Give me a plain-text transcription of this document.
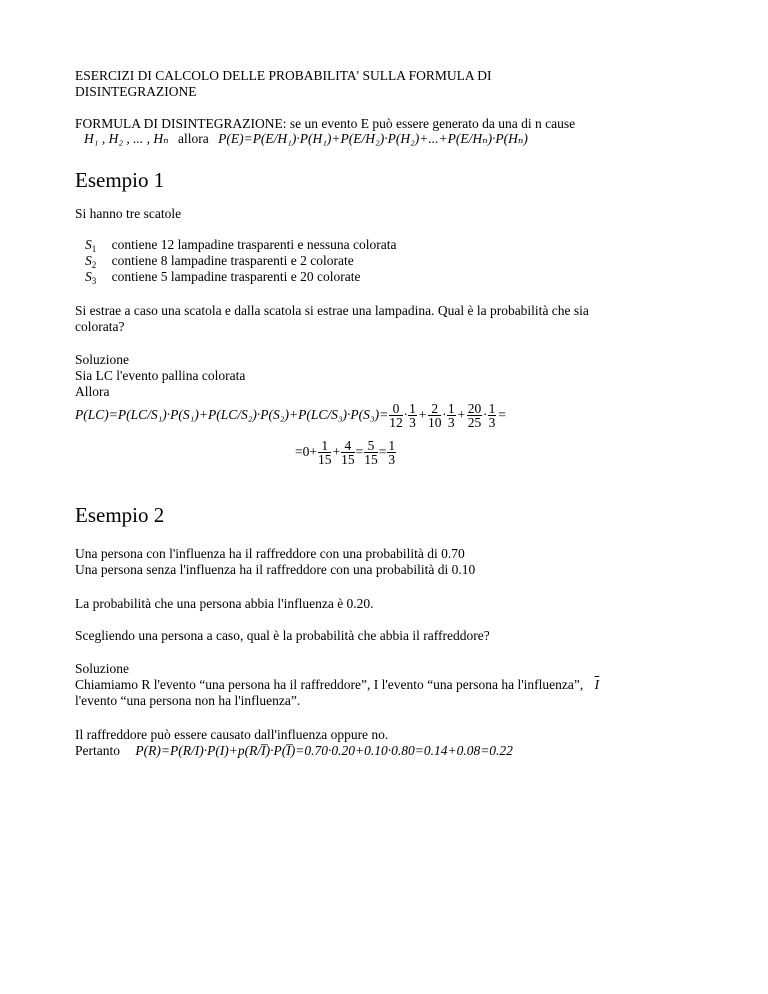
ESERCIZI DI CALCOLO DELLE PROBABILITA' SULLA FORMULA DI
DISINTEGRAZIONE
FORMULA DI DISINTEGRAZIONE: se un evento E può essere generato da una di n cause
H₁ , H₂ , ... , Hₙ allora P(E)=P(E/H₁)·P(H₁)+P(E/H₂)·P(H₂)+...+P(E/Hₙ)·P(Hₙ)
Esempio 1
Si hanno tre scatole
$S_1$ contiene 12 lampadine trasparenti e nessuna colorata
$S_2$ contiene 8 lampadine trasparenti e 2 colorate
$S_3$ contiene 5 lampadine trasparenti e 20 colorate
Si estrae a caso una scatola e dalla scatola si estrae una lampadina. Qual è la probabilità che sia
colorata?
Soluzione
Sia LC l'evento pallina colorata
Allora
$P(LC)=P(LC/S_1)\cdot P(S_1)+P(LC/S_2)\cdot P(S_2)+P(LC/S_3)\cdot P(S_3)= \frac{0}{12} \cdot \frac{1}{3} + \frac{2}{10} \cdot \frac{1}{3} + \frac{20}{25} \cdot \frac{1}{3}$ =
$=0+ \frac{1}{15} + \frac{4}{15} = \frac{5}{15} = \frac{1}{3}$
Esempio 2
Una persona con l'influenza ha il raffreddore con una probabilità di 0.70
Una persona senza l'influenza ha il raffreddore con una probabilità di 0.10
La probabilità che una persona abbia l'influenza è 0.20.
Scegliendo una persona a caso, qual è la probabilità che abbia il raffreddore?
Soluzione
Chiamiamo R l'evento “una persona ha il raffreddore”, I l'evento “una persona ha l'influenza”, $\overline{I}$
l'evento “una persona non ha l'influenza”.
Il raffreddore può essere causato dall'influenza oppure no.
Pertanto P(R)=P(R/I)·P(I)+p(R/I̅)·P(I̅)=0.70·0.20+0.10·0.80=0.14+0.08=0.22
